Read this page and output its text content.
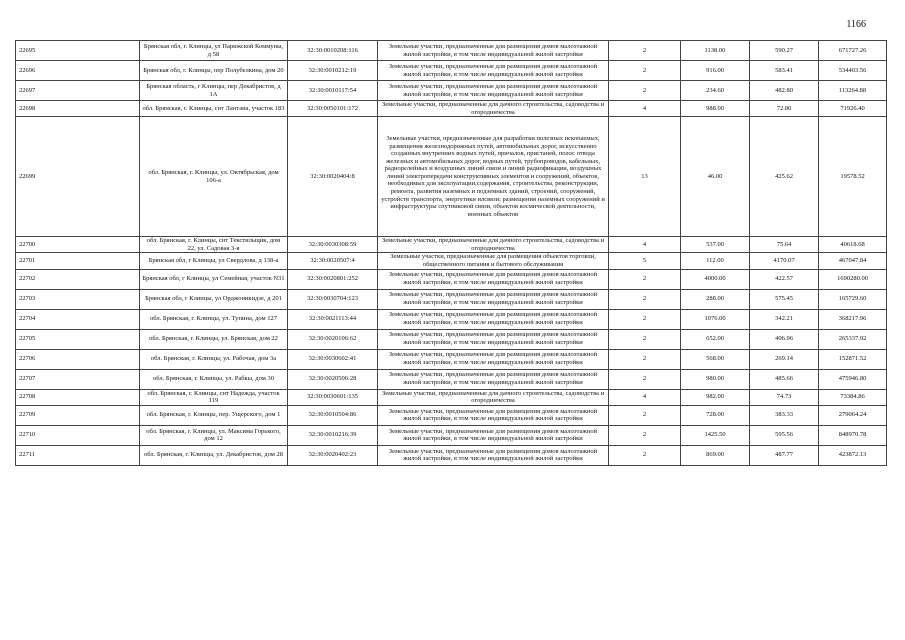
1166
22695	Брянская обл, г. Клинцы, ул Парижской Коммуны, д 58	32:30:0010208:116	Земельные участки, предназначенные для размещения домов малоэтажной жилой застройки, в том числе индивидуальной жилой застройки	2	1138.00	590.27	671727.26
22696	Брянская обл, г. Клинцы, пер Полубелкина, дом 20	32:30:0010212:19	Земельные участки, предназначенные для размещения домов малоэтажной жилой застройки, в том числе индивидуальной жилой застройки	2	916.00	583.41	534403.56
22697	Брянская область, г Клинцы, пер Декабристов, д 1А	32:30:0010117:54	Земельные участки, предназначенные для размещения домов малоэтажной жилой застройки, в том числе индивидуальной жилой застройки	2	234.60	482.80	113264.88
22698	обл. Брянская, г. Клинцы, снт Лантана, участок 183	32:30:0050101:172	Земельные участки, предназначенные для дачного строительства, садоводства и огородничества	4	988.00	72.80	71926.40
22699	обл. Брянская, г. Клинцы, ул. Октябрьская, дом 106-а	32:30:0020404:8	Земельные участки, предназначенные для разработки полезных ископаемых, размещения железнодорожных путей, автомобильных дорог, искусственно созданных внутренних водных путей, причалов, пристаней, полос отвода железных и автомобильных дорог, водных путей, трубопроводов, кабельных, радиорелейных и воздушных линий связи и линий радиофикации, воздушных линий электропередачи конструктивных элементов и сооружений, объектов, необходимых для эксплуатации,содержания, строительства, реконструкции, ремонта, развития наземных и подземных зданий, строений, сооружений, устройств транспорта, энергетики илсвязи; размещения наземных сооружений и инфраструктуры спутниковой связи, объектов космической деятельности, военных объектов	13	46.00	425.62	19578.52
22700	обл. Брянская, г. Клинцы, снт Текстильщик, дом 22, ул. Садовая 3-я	32:30:0030308:59	Земельные участки, предназначенные для дачного строительства, садоводства и огородничества	4	537.00	75.64	40618.68
22701	Брянская обл, г Клинцы, ул Свердлова, д 138-а	32:30:0020507:4	Земельные участки, предназначенные для размещения объектов торговли, общественного питания и бытового обслуживания	5	112.00	4170.07	467047.84
22702	Брянская обл, г Клинцы, ул Семейная, участок N31	32:30:0020801:252	Земельные участки, предназначенные для размещения домов малоэтажной жилой застройки, в том числе индивидуальной жилой застройки	2	4000.00	422.57	1690280.00
22703	Брянская обл, г Клинцы, ул Орджоникидзе, д 201	32:30:0030704:123	Земельные участки, предназначенные для размещения домов малоэтажной жилой застройки, в том числе индивидуальной жилой застройки	2	288.00	575.45	165729.60
22704	обл. Брянская, г. Клинцы, ул. Тупина, дом 127	32:30:0021113:44	Земельные участки, предназначенные для размещения домов малоэтажной жилой застройки, в том числе индивидуальной жилой застройки	2	1076.00	342.21	368217.96
22705	обл. Брянская, г. Клинцы, ул. Брянская, дом 22	32:30:0020106:62	Земельные участки, предназначенные для размещения домов малоэтажной жилой застройки, в том числе индивидуальной жилой застройки	2	652.00	406.96	265337.92
22706	обл. Брянская, г. Клинцы, ул. Рабочая, дом 3а	32:30:0030602:41	Земельные участки, предназначенные для размещения домов малоэтажной жилой застройки, в том числе индивидуальной жилой застройки	2	568.00	269.14	152871.52
22707	обл. Брянская, г. Клинцы, ул. Рабкы, дом 30	32:30:0020506:28	Земельные участки, предназначенные для размещения домов малоэтажной жилой застройки, в том числе индивидуальной жилой застройки	2	980.00	485.66	475946.80
22708	обл. Брянская, г. Клинцы, снт Надежда, участок 119	32:30:0030601:135	Земельные участки, предназначенные для дачного строительства, садоводства и огородничества	4	982.00	74.73	73384.86
22709	обл. Брянская, г. Клинцы, пер. Ущерского, дом 1	32:30:0010504:86	Земельные участки, предназначенные для размещения домов малоэтажной жилой застройки, в том числе индивидуальной жилой застройки	2	728.00	383.33	279064.24
22710	обл. Брянская, г. Клинцы, ул. Максима Горького, дом 12	32:30:0010216:39	Земельные участки, предназначенные для размещения домов малоэтажной жилой застройки, в том числе индивидуальной жилой застройки	2	1425.50	595.56	848970.78
22711	обл. Брянская, г. Клинцы, ул. Декабристов, дом 28	32:30:0020402:23	Земельные участки, предназначенные для размещения домов малоэтажной жилой застройки, в том числе индивидуальной жилой застройки	2	869.00	487.77	423872.13
